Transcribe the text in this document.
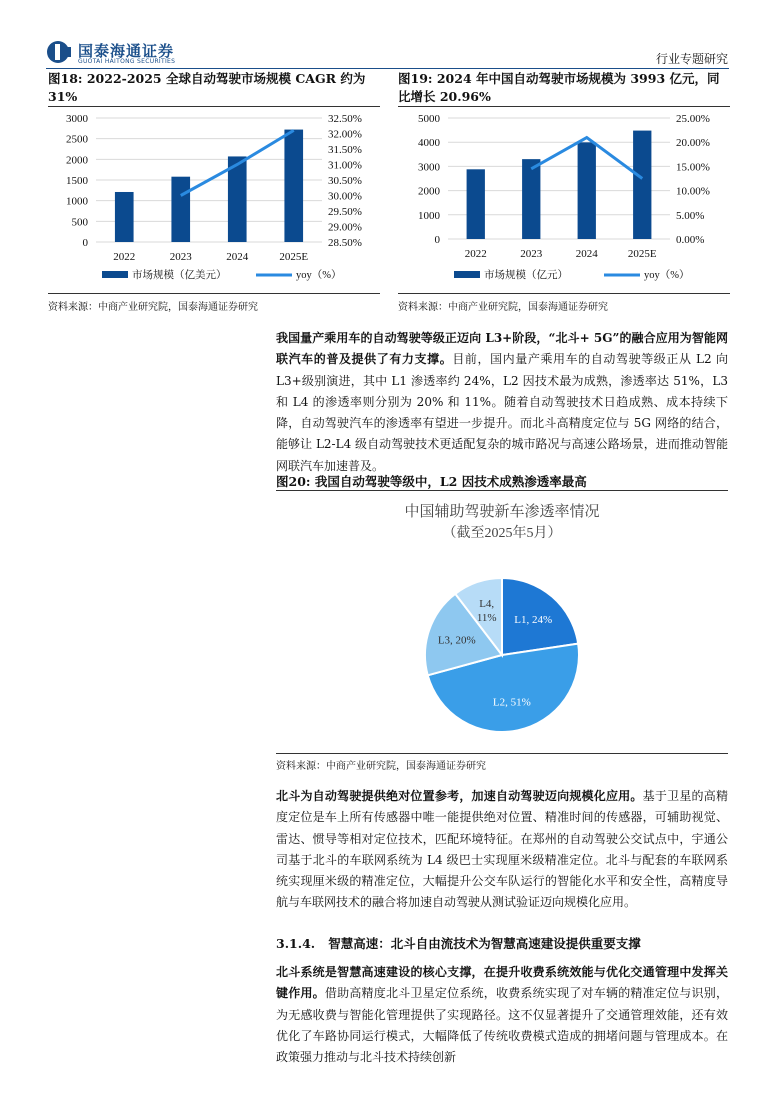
国泰海通证券
GUOTAI HAITONG SECURITIES	行业专题研究
图18: 2022-2025 全球自动驾驶市场规模 CAGR 约为 31%
0
500
1000
1500
2000
2500
3000
28.50%
29.00%
29.50%
30.00%
30.50%
31.00%
31.50%
32.00%
32.50%
2022	2023	2024	2025E
市场规模（亿美元）	yoy（%）
资料来源：中商产业研究院，国泰海通证券研究
图19: 2024 年中国自动驾驶市场规模为 3993 亿元，同比增长 20.96%
0
1000
2000
3000
4000
5000
0.00%
5.00%
10.00%
15.00%
20.00%
25.00%
2022	2023	2024	2025E
市场规模（亿元）	yoy（%）
资料来源：中商产业研究院，国泰海通证券研究
我国量产乘用车的自动驾驶等级正迈向 L3+阶段，“北斗+ 5G”的融合应用为智能网联汽车的普及提供了有力支撑。目前，国内量产乘用车的自动驾驶等级正从 L2 向 L3+级别演进，其中 L1 渗透率约 24%，L2 因技术最为成熟，渗透率达 51%，L3 和 L4 的渗透率则分别为 20% 和 11%。随着自动驾驶技术日趋成熟、成本持续下降，自动驾驶汽车的渗透率有望进一步提升。而北斗高精度定位与 5G 网络的结合，能够让 L2-L4 级自动驾驶技术更适配复杂的城市路况与高速公路场景，进而推动智能网联汽车加速普及。
图20: 我国自动驾驶等级中，L2 因技术成熟渗透率最高
中国辅助驾驶新车渗透率情况
（截至2025年5月）
L1, 24%
L2, 51%
L3, 20%
L4, 11%
资料来源：中商产业研究院，国泰海通证券研究
北斗为自动驾驶提供绝对位置参考，加速自动驾驶迈向规模化应用。基于卫星的高精度定位是车上所有传感器中唯一能提供绝对位置、精准时间的传感器，可辅助视觉、雷达、惯导等相对定位技术，匹配环境特征。在郑州的自动驾驶公交试点中，宇通公司基于北斗的车联网系统为 L4 级巴士实现厘米级精准定位。北斗与配套的车联网系统实现厘米级的精准定位，大幅提升公交车队运行的智能化水平和安全性，高精度导航与车联网技术的融合将加速自动驾驶从测试验证迈向规模化应用。
3.1.4.   智慧高速：北斗自由流技术为智慧高速建设提供重要支撑
北斗系统是智慧高速建设的核心支撑，在提升收费系统效能与优化交通管理中发挥关键作用。借助高精度北斗卫星定位系统，收费系统实现了对车辆的精准定位与识别，为无感收费与智能化管理提供了实现路径。这不仅显著提升了交通管理效能，还有效优化了车路协同运行模式，大幅降低了传统收费模式造成的拥堵问题与管理成本。在政策强力推动与北斗技术持续创新
